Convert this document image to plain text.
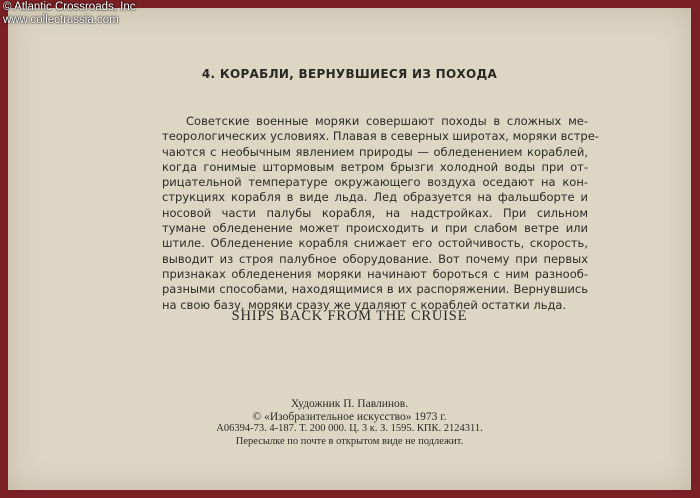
4. КОРАБЛИ, ВЕРНУВШИЕСЯ ИЗ ПОХОДА
Советские военные моряки совершают походы в сложных ме-
теорологических условиях. Плавая в северных широтах, моряки встре-
чаются с необычным явлением природы — обледенением кораблей,
когда гонимые штормовым ветром брызги холодной воды при от-
рицательной температуре окружающего воздуха оседают на кон-
струкциях корабля в виде льда. Лед образуется на фальшборте и
носовой части палубы корабля, на надстройках. При сильном
тумане обледенение может происходить и при слабом ветре или
штиле. Обледенение корабля снижает его остойчивость, скорость,
выводит из строя палубное оборудование. Вот почему при первых
признаках обледенения моряки начинают бороться с ним разнооб-
разными способами, находящимися в их распоряжении. Вернувшись
на свою базу, моряки сразу же удаляют с кораблей остатки льда.
SHIPS BACK FROM THE CRUISE
Художник П. Павлинов.
© «Изобразительное искусство» 1973 г.
А06394-73. 4-187. Т. 200 000. Ц. 3 к. З. 1595. КПК. 2124311.
Пересылке по почте в открытом виде не подлежит.
© Atlantic Crossroads, Inc
www.collectrussia.com
